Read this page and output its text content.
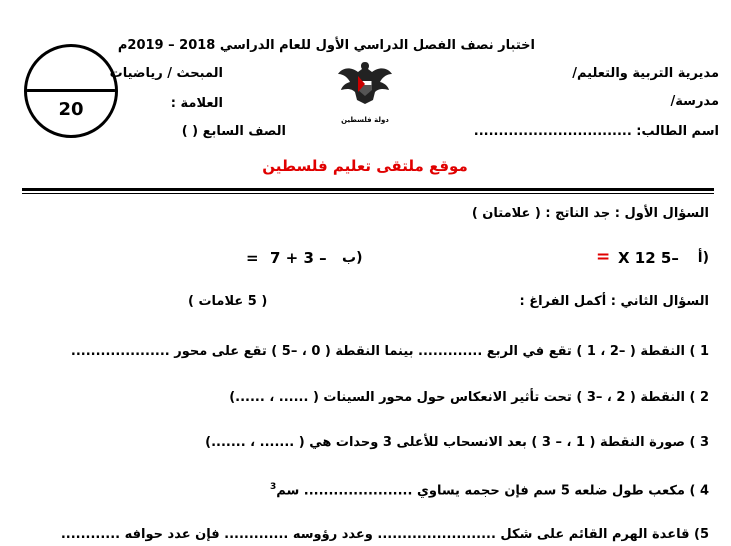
اختبار نصف الفصل الدراسي الأول للعام الدراسي 2018 – 2019م
مديرية التربية والتعليم/
مدرسة/
اسم الطالب: ................................
المبحث / رياضيات
العلامة :
الصف السابع ( )
دولة فلسطين
20
موقع ملتقى تعليم فلسطين
السؤال الأول : جد الناتج : ( علامتان )
أ)
–5 X 12
=
ب)
– 3 + 7
=
السؤال الثاني : أكمل الفراغ :
( 5 علامات )
1 ) النقطة ( –2 ، 1 ) تقع في الربع ............. بينما النقطة ( 0 ، –5 ) تقع على محور ....................
2 ) النقطة ( 2 ، –3 ) تحت تأثير الانعكاس حول محور السينات ( ...... ، ......)
3 ) صورة النقطة ( 1 ، – 3 ) بعد الانسحاب للأعلى 3 وحدات هي ( ....... ، .......)
4 ) مكعب طول ضلعه 5 سم فإن حجمه يساوي ...................... سم$^3$
5) قاعدة الهرم القائم على شكل ........................ وعدد رؤوسه ............. فإن عدد حوافه ............
